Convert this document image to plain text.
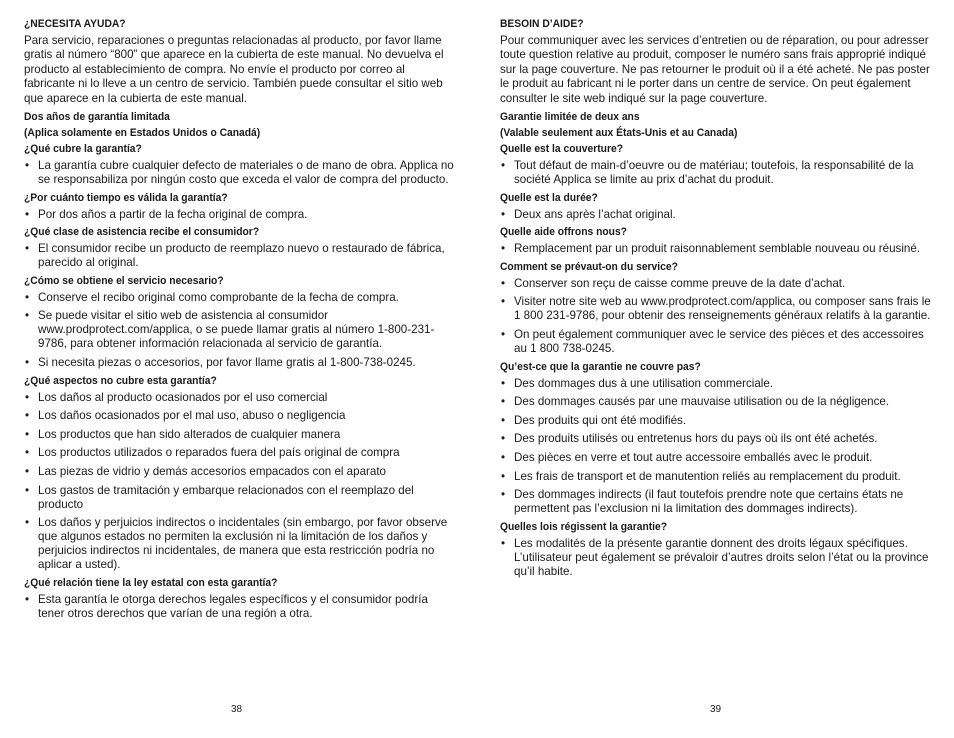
¿NECESITA AYUDA?
Para servicio, reparaciones o preguntas relacionadas al producto, por favor llame gratis al número “800” que aparece en la cubierta de este manual. No devuelva el producto al establecimiento de compra. No envíe el producto por correo al fabricante ni lo lleve a un centro de servicio. También puede consultar el sitio web que aparece en la cubierta de este manual.
Dos años de garantía limitada
(Aplica solamente en Estados Unidos o Canadá)
¿Qué cubre la garantía?
• La garantía cubre cualquier defecto de materiales o de mano de obra. Applica no se responsabiliza por ningún costo que exceda el valor de compra del producto.
¿Por cuánto tiempo es válida la garantía?
• Por dos años a partir de la fecha original de compra.
¿Qué clase de asistencia recibe el consumidor?
• El consumidor recibe un producto de reemplazo nuevo o restaurado de fábrica, parecido al original.
¿Cómo se obtiene el servicio necesario?
• Conserve el recibo original como comprobante de la fecha de compra.
• Se puede visitar el sitio web de asistencia al consumidor www.prodprotect.com/applica, o se puede llamar gratis al número 1-800-231-9786, para obtener información relacionada al servicio de garantía.
• Si necesita piezas o accesorios, por favor llame gratis al 1-800-738-0245.
¿Qué aspectos no cubre esta garantía?
• Los daños al producto ocasionados por el uso comercial
• Los daños ocasionados por el mal uso, abuso o negligencia
• Los productos que han sido alterados de cualquier manera
• Los productos utilizados o reparados fuera del país original de compra
• Las piezas de vidrio y demás accesorios empacados con el aparato
• Los gastos de tramitación y embarque relacionados con el reemplazo del producto
• Los daños y perjuicios indirectos o incidentales (sin embargo, por favor observe que algunos estados no permiten la exclusión ni la limitación de los daños y perjuicios indirectos ni incidentales, de manera que esta restricción podría no aplicar a usted).
¿Qué relación tiene la ley estatal con esta garantía?
• Esta garantía le otorga derechos legales específicos y el consumidor podría tener otros derechos que varían de una región a otra.
BESOIN D’AIDE?
Pour communiquer avec les services d’entretien ou de réparation, ou pour adresser toute question relative au produit, composer le numéro sans frais approprié indiqué sur la page couverture. Ne pas retourner le produit où il a été acheté. Ne pas poster le produit au fabricant ni le porter dans un centre de service. On peut également consulter le site web indiqué sur la page couverture.
Garantie limitée de deux ans
(Valable seulement aux États-Unis et au Canada)
Quelle est la couverture?
• Tout défaut de main-d’oeuvre ou de matériau; toutefois, la responsabilité de la société Applica se limite au prix d’achat du produit.
Quelle est la durée?
• Deux ans après l’achat original.
Quelle aide offrons nous?
• Remplacement par un produit raisonnablement semblable nouveau ou réusiné.
Comment se prévaut-on du service?
• Conserver son reçu de caisse comme preuve de la date d’achat.
• Visiter notre site web au www.prodprotect.com/applica, ou composer sans frais le 1 800 231-9786, pour obtenir des renseignements généraux relatifs à la garantie.
• On peut également communiquer avec le service des pièces et des accessoires au 1 800 738-0245.
Qu’est-ce que la garantie ne couvre pas?
• Des dommages dus à une utilisation commerciale.
• Des dommages causés par une mauvaise utilisation ou de la négligence.
• Des produits qui ont été modifiés.
• Des produits utilisés ou entretenus hors du pays où ils ont été achetés.
• Des pièces en verre et tout autre accessoire emballés avec le produit.
• Les frais de transport et de manutention reliés au remplacement du produit.
• Des dommages indirects (il faut toutefois prendre note que certains états ne permettent pas l’exclusion ni la limitation des dommages indirects).
Quelles lois régissent la garantie?
• Les modalités de la présente garantie donnent des droits légaux spécifiques. L’utilisateur peut également se prévaloir d’autres droits selon l’état ou la province qu’il habite.
38	39
